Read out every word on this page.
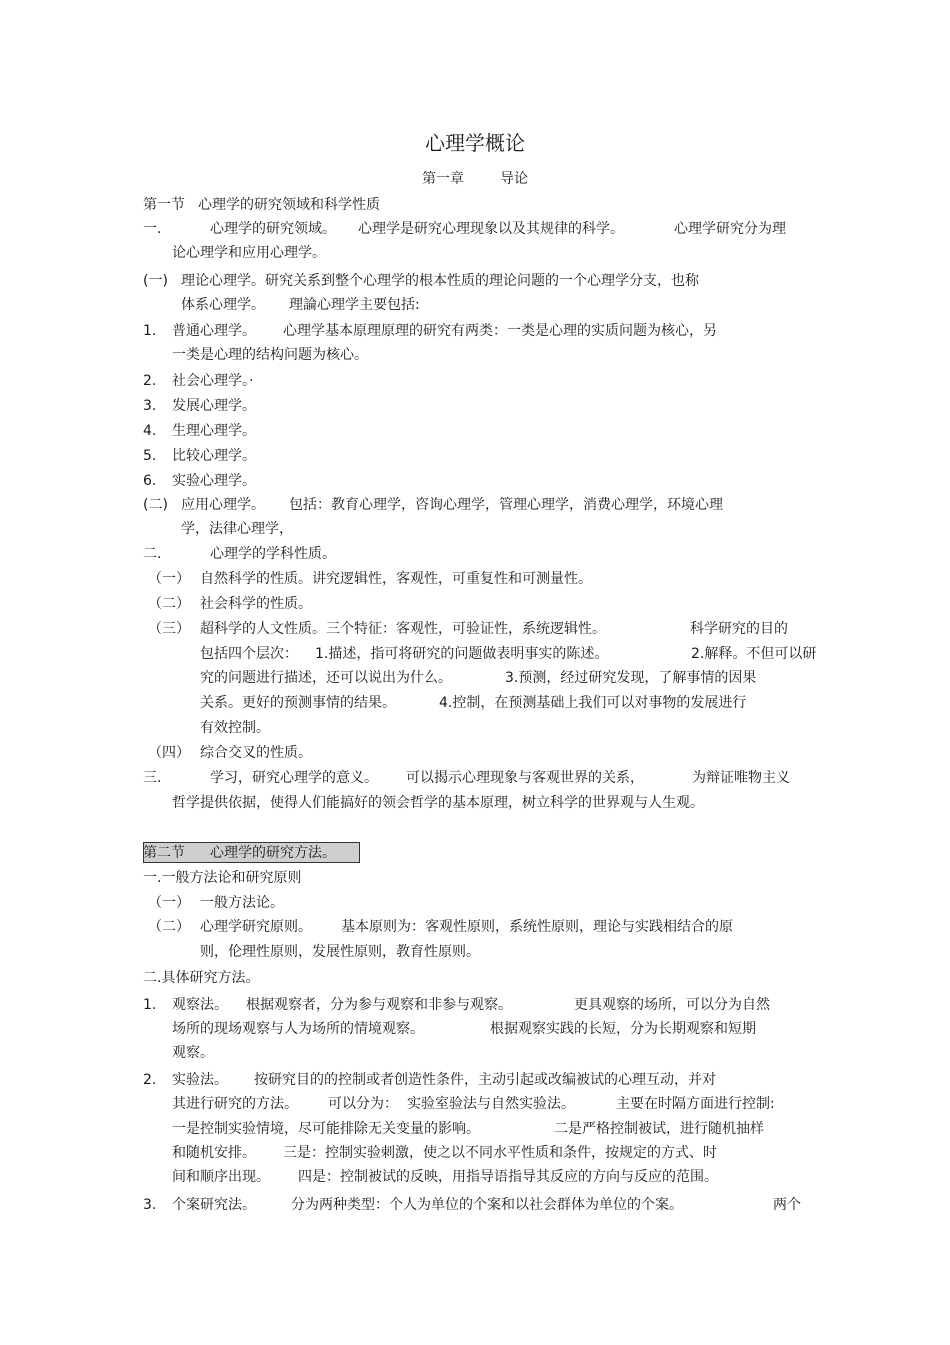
心理学概论
第一章	导论
第一节 心理学的研究领域和科学性质
一.	心理学的研究领域。 心理学是研究心理现象以及其规律的科学。	心理学研究分为理
论心理学和应用心理学。
(一) 理论心理学。研究关系到整个心理学的根本性质的理论问题的一个心理学分支，也称
体系心理学。 理論心理学主要包括:
1. 普通心理学。 心理学基本原理原理的研究有两类：一类是心理的实质问题为核心，另
一类是心理的结构问题为核心。
2. 社会心理学。·
3. 发展心理学。
4. 生理心理学。
5. 比较心理学。
6. 实验心理学。
(二) 应用心理学。 包括：教育心理学，咨询心理学，管理心理学，消费心理学，环境心理
学，法律心理学，
二.	心理学的学科性质。
（一） 自然科学的性质。讲究逻辑性，客观性，可重复性和可测量性。
（二） 社会科学的性质。
（三） 超科学的人文性质。三个特征：客观性，可验证性，系统逻辑性。	科学研究的目的
包括四个层次： 1.描述，指可将研究的问题做表明事实的陈述。	2.解释。不但可以研
究的问题进行描述，还可以说出为什么。	3.预测，经过研究发现，了解事情的因果
关系。更好的预测事情的结果。	4.控制，在预测基础上我们可以对事物的发展进行
有效控制。
（四） 综合交叉的性质。
三.	学习，研究心理学的意义。 可以揭示心理现象与客观世界的关系，	为辩证唯物主义
哲学提供依据，使得人们能搞好的领会哲学的基本原理，树立科学的世界观与人生观。
第二节 心理学的研究方法。
一.一般方法论和研究原则
（一） 一般方法论。
（二） 心理学研究原则。 基本原则为：客观性原则，系统性原则，理论与实践相结合的原
则，伦理性原则，发展性原则，教育性原则。
二.具体研究方法。
1. 观察法。 根据观察者，分为参与观察和非参与观察。	更具观察的场所，可以分为自然
场所的现场观察与人为场所的情境观察。	根据观察实践的长短，分为长期观察和短期
观察。
2. 实验法。 按研究目的的控制或者创造性条件，主动引起或改编被试的心理互动，并对
其进行研究的方法。 可以分为： 实验室验法与自然实验法。	主要在时隔方面进行控制:
一是控制实验情境，尽可能排除无关变量的影响。	二是严格控制被试，进行随机抽样
和随机安排。 三是：控制实验刺激，使之以不同水平性质和条件，按规定的方式、时
间和顺序出现。 四是：控制被试的反映，用指导语指导其反应的方向与反应的范围。
3. 个案研究法。	分为两种类型：个人为单位的个案和以社会群体为单位的个案。	两个
